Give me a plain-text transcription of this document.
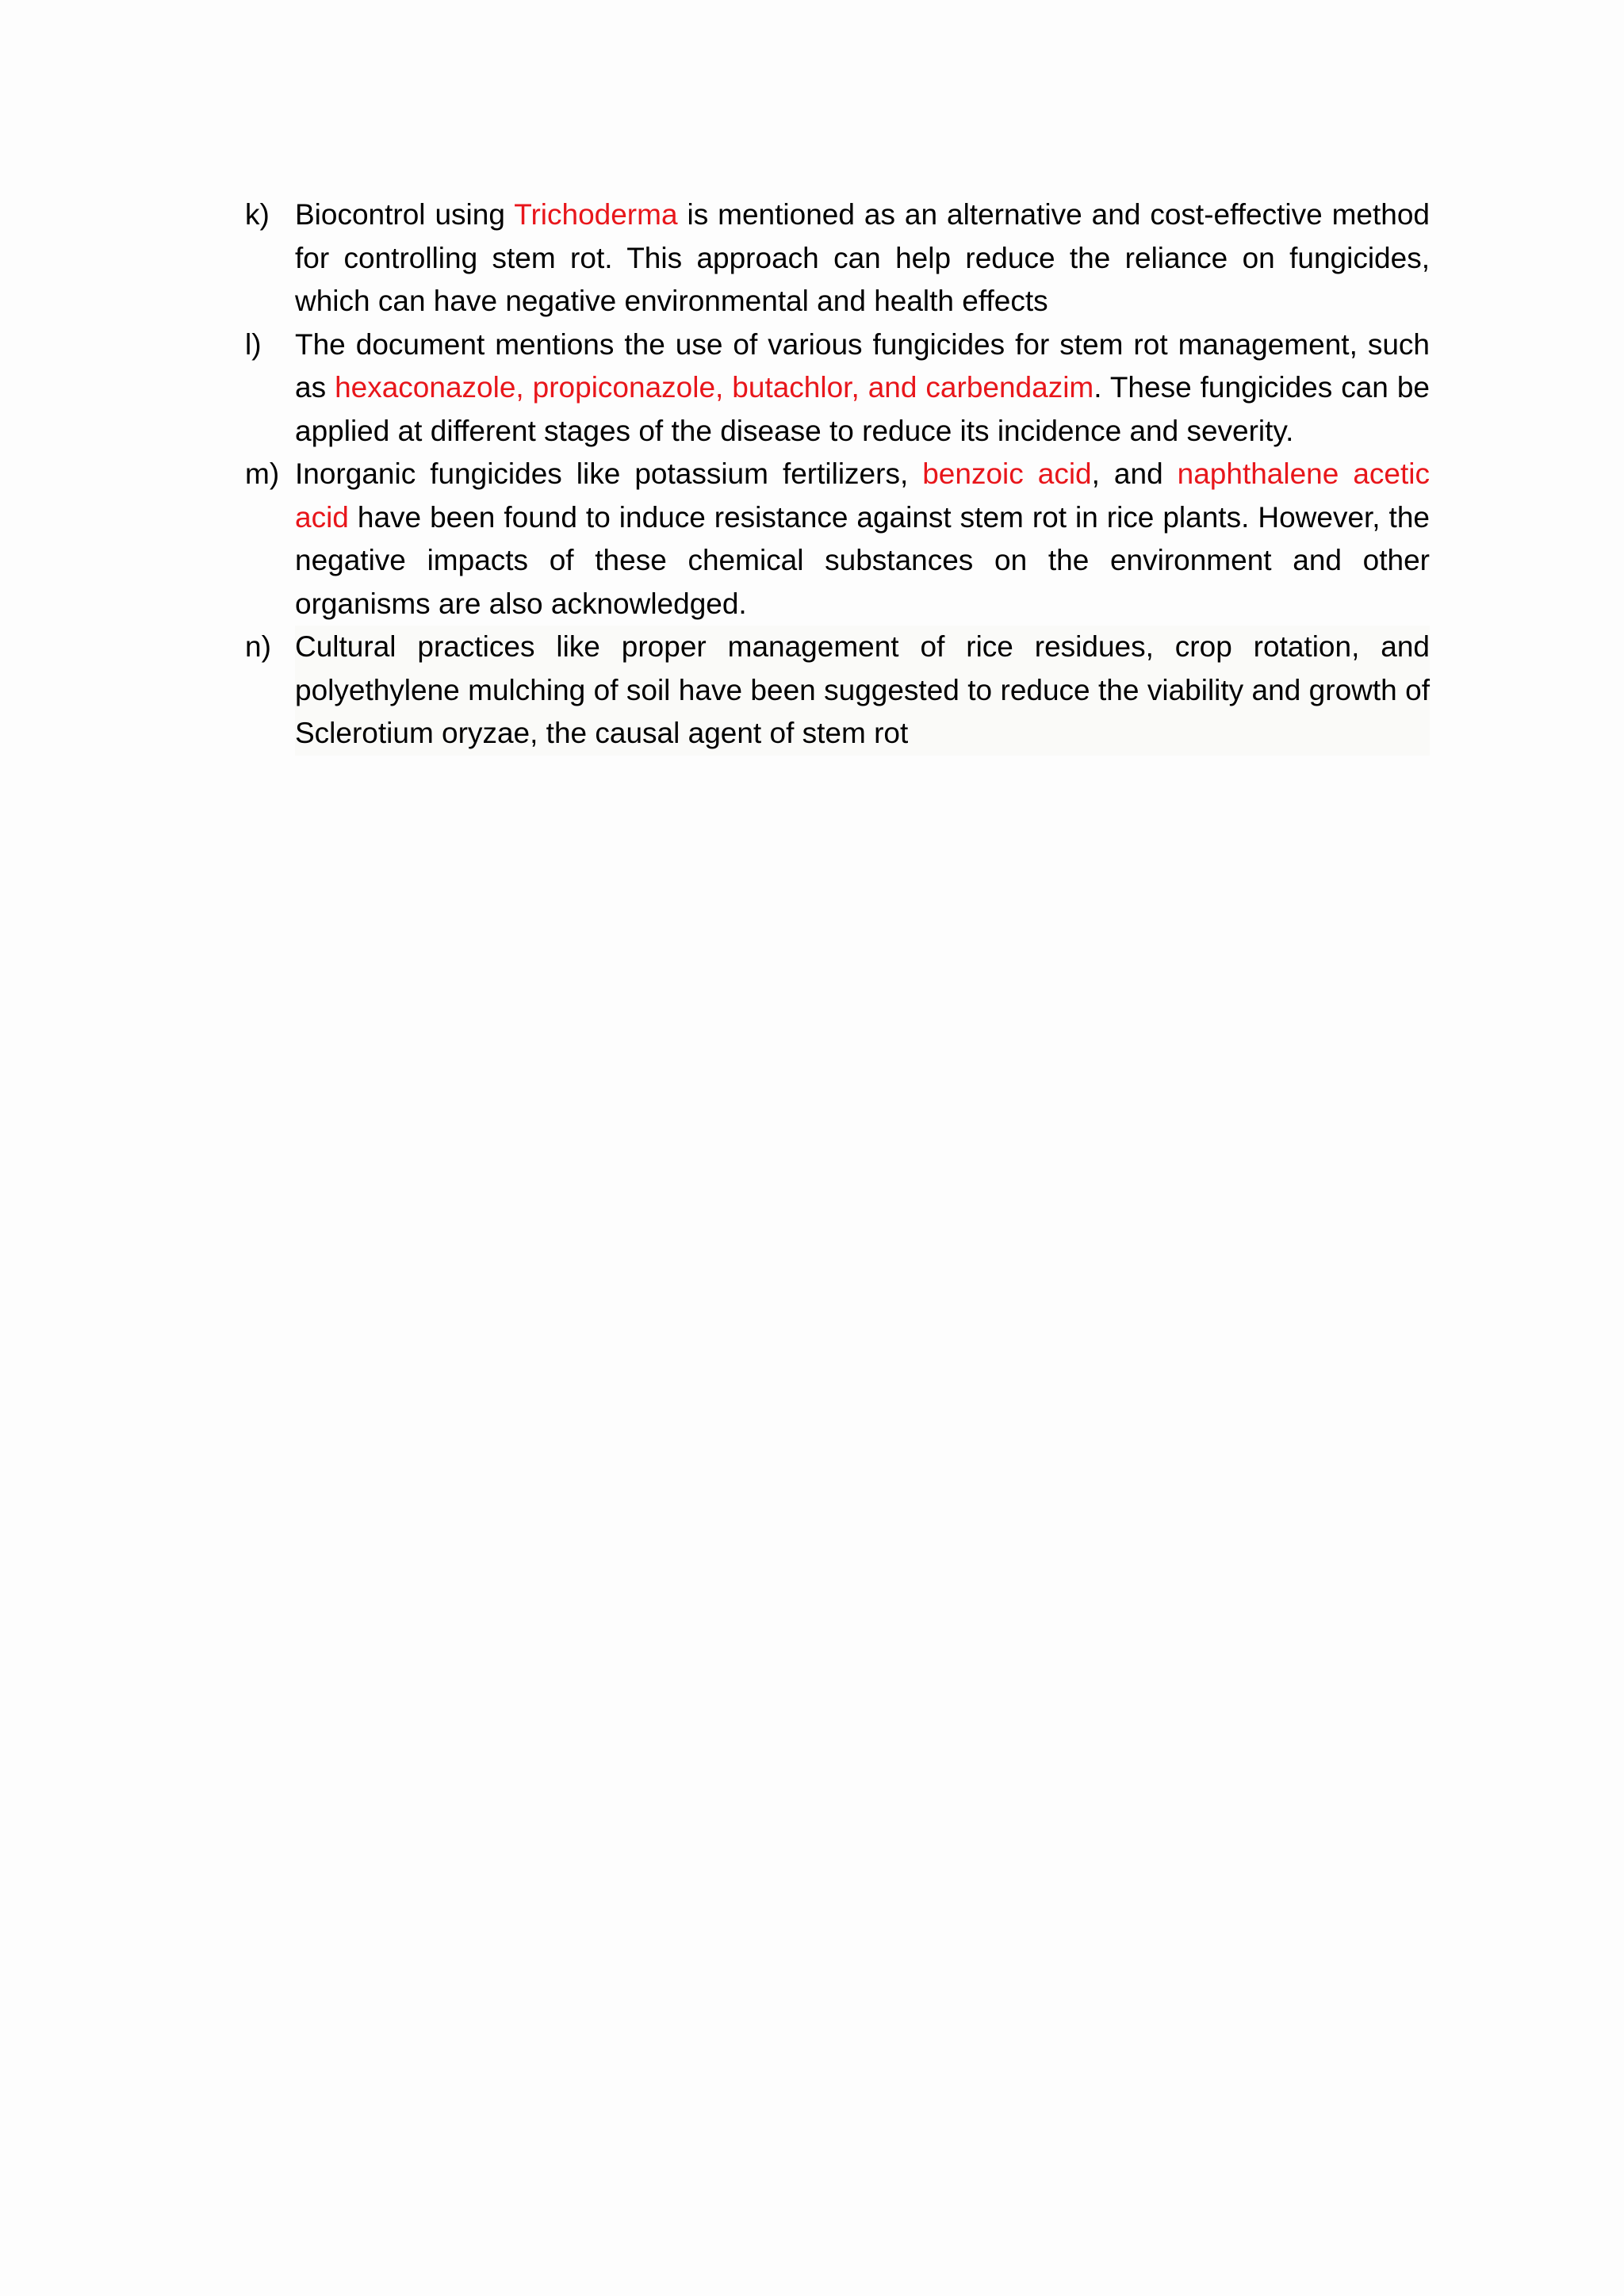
k) Biocontrol using Trichoderma is mentioned as an alternative and cost-effective method for controlling stem rot. This approach can help reduce the reliance on fungicides, which can have negative environmental and health effects
l)	The document mentions the use of various fungicides for stem rot management, such as hexaconazole, propiconazole, butachlor, and carbendazim. These fungicides can be applied at different stages of the disease to reduce its incidence and severity.
m) Inorganic fungicides like potassium fertilizers, benzoic acid, and naphthalene acetic acid have been found to induce resistance against stem rot in rice plants. However, the negative impacts of these chemical substances on the environment and other organisms are also acknowledged.
n) Cultural practices like proper management of rice residues, crop rotation, and polyethylene mulching of soil have been suggested to reduce the viability and growth of Sclerotium oryzae, the causal agent of stem rot
